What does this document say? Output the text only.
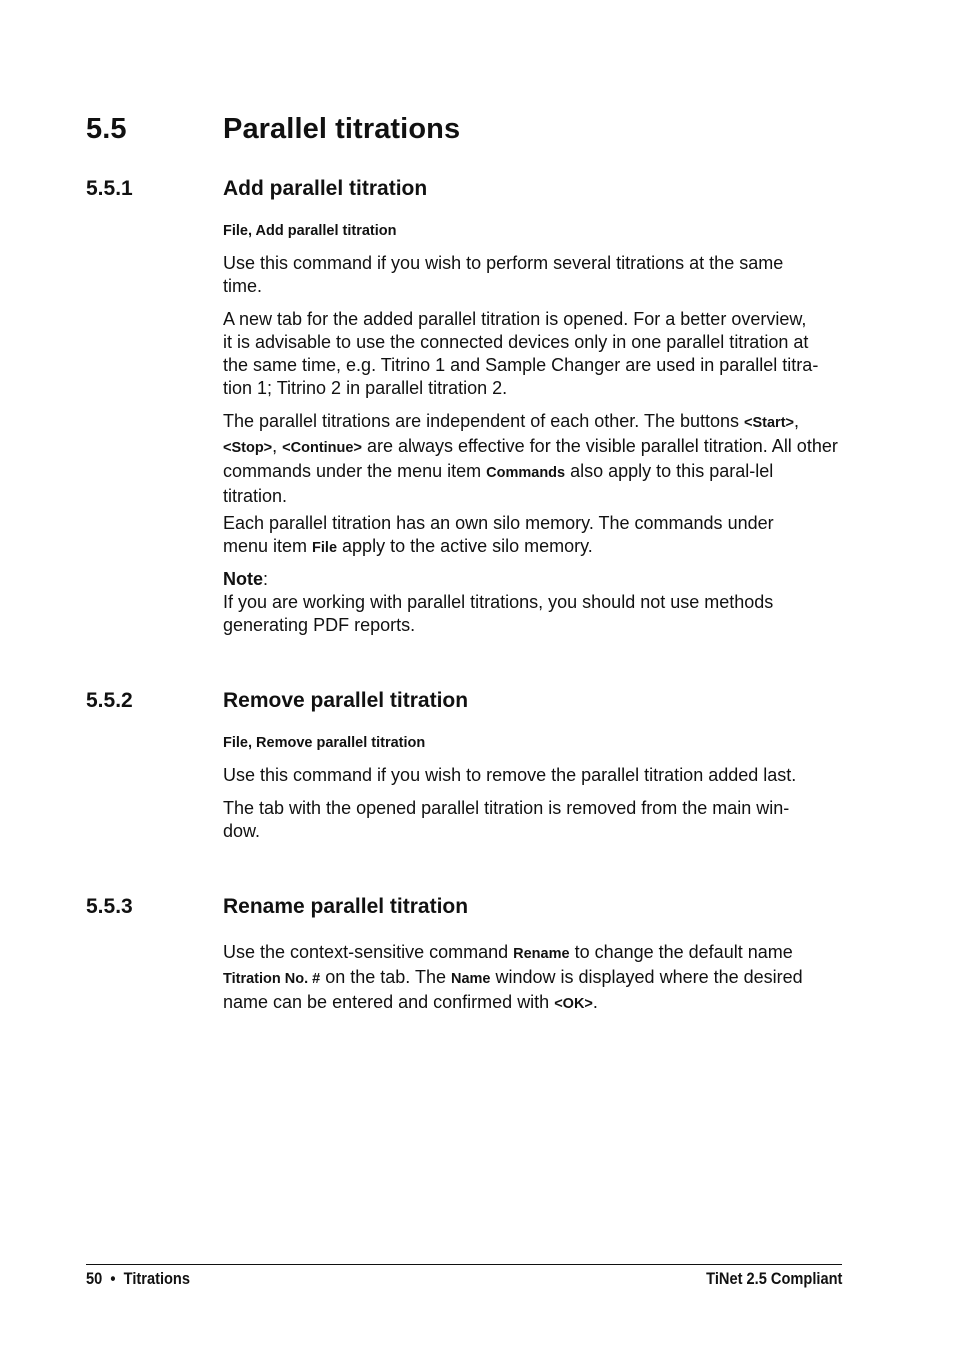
5.5	Parallel titrations
5.5.1	Add parallel titration
File, Add parallel titration

Use this command if you wish to perform several titrations at the same time.

A new tab for the added parallel titration is opened. For a better overview,
it is advisable to use the connected devices only in one parallel titration at
the same time, e.g. Titrino 1 and Sample Changer are used in parallel titra-
tion 1; Titrino 2 in parallel titration 2.

The parallel titrations are independent of each other. The buttons <Start>,
<Stop>, <Continue> are always effective for the visible parallel titration. All other commands under the menu item Commands also apply to this paral-lel titration.

Each parallel titration has an own silo memory. The commands under menu item File apply to the active silo memory.

Note:
If you are working with parallel titrations, you should not use methods generating PDF reports.

5.5.2	Remove parallel titration
File, Remove parallel titration

Use this command if you wish to remove the parallel titration added last.

The tab with the opened parallel titration is removed from the main win-dow.

5.5.3	Rename parallel titration

Use the context-sensitive command Rename to change the default name Titration No. # on the tab. The Name window is displayed where the desired name can be entered and confirmed with <OK>.

50 • Titrations	TiNet 2.5 Compliant
